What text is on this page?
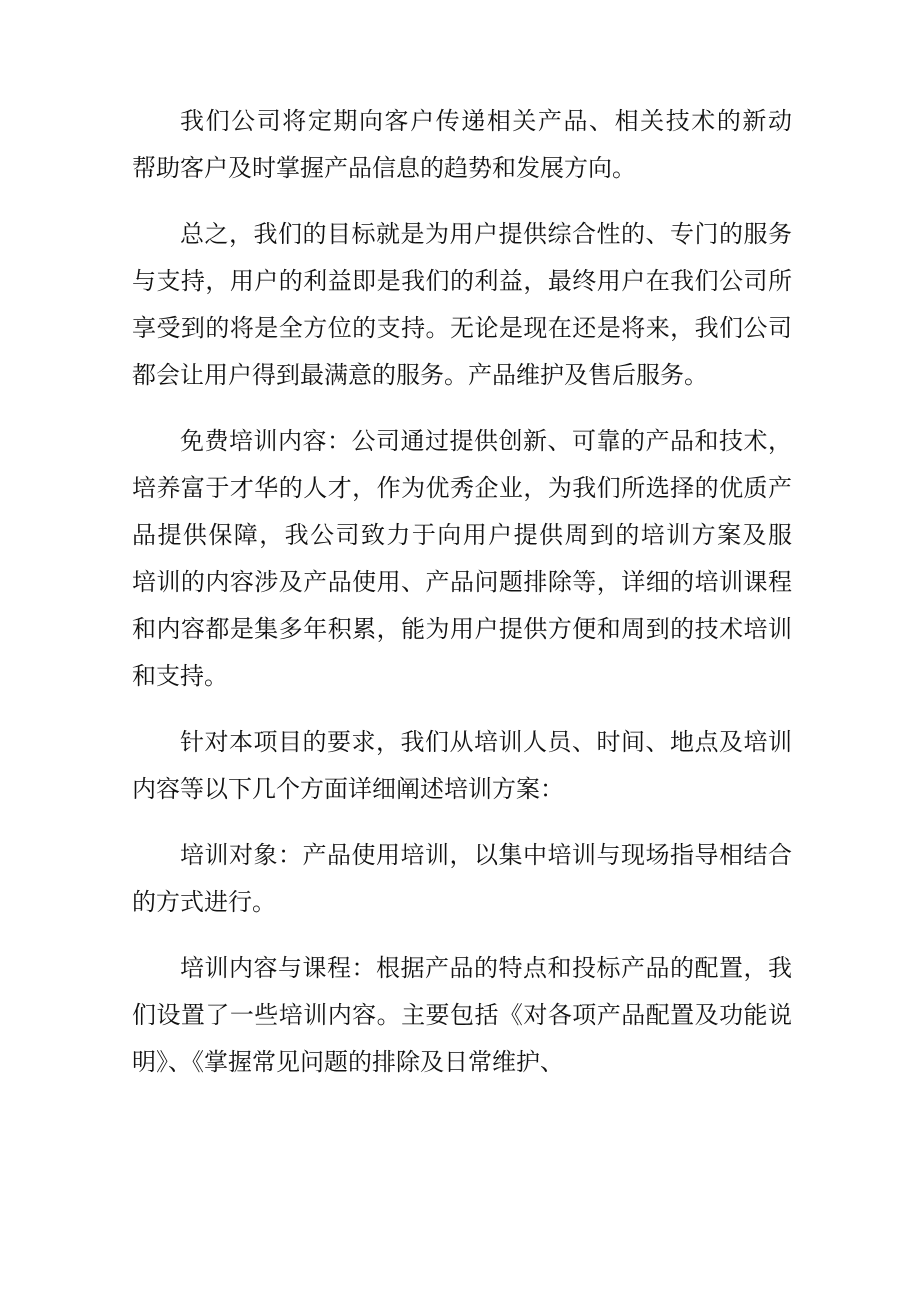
我们公司将定期向客户传递相关产品、相关技术的新动
帮助客户及时掌握产品信息的趋势和发展方向。
总之，我们的目标就是为用户提供综合性的、专门的服务
与支持，用户的利益即是我们的利益，最终用户在我们公司所
享受到的将是全方位的支持。无论是现在还是将来，我们公司
都会让用户得到最满意的服务。产品维护及售后服务。
免费培训内容：公司通过提供创新、可靠的产品和技术，
培养富于才华的人才，作为优秀企业，为我们所选择的优质产
品提供保障，我公司致力于向用户提供周到的培训方案及服
培训的内容涉及产品使用、产品问题排除等，详细的培训课程
和内容都是集多年积累，能为用户提供方便和周到的技术培训
和支持。
针对本项目的要求，我们从培训人员、时间、地点及培训
内容等以下几个方面详细阐述培训方案：
培训对象：产品使用培训，以集中培训与现场指导相结合
的方式进行。
培训内容与课程：根据产品的特点和投标产品的配置，我
们设置了一些培训内容。主要包括《对各项产品配置及功能说
明》、《掌握常见问题的排除及日常维护、
